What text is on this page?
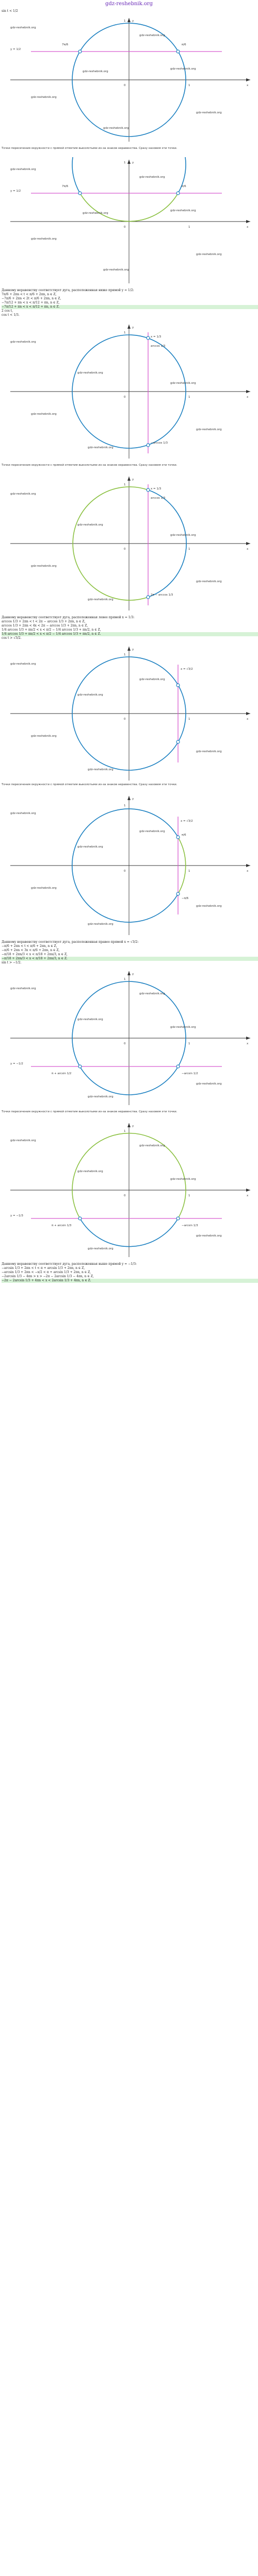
gdz-reshebnik.org
sin t < 1/2
0	1
1
x
y
7π/6	π/6
y = 1/2
gdz-reshebnik.org
gdz-reshebnik.org
gdz-reshebnik.org
gdz-reshebnik.org
gdz-reshebnik.org
gdz-reshebnik.org
gdz-reshebnik.org
Точки пересечения окружности с прямой отметим выколотыми из-за знаков неравенства. Сразу назовем эти точки.
0	1
1
x
y
7π/6	π/6
y = 1/2
gdz-reshebnik.org
gdz-reshebnik.org
gdz-reshebnik.org
gdz-reshebnik.org
gdz-reshebnik.org
gdz-reshebnik.org
gdz-reshebnik.org
Данному неравенству соответствует дуга, расположенная ниже прямой y = 1/2:
7π/6 + 2πn < t < π/6 + 2πn, n ∈ Z,
−7π/6 + 2πn < 2t < π/6 + 2πn, n ∈ Z,
−7π/12 + πn < x < π/12 + πn, n ∈ Z,
−7π/12 + πn < x < π/12 + πn, n ∈ Z.
2 cos t,
cos t < 1/3.
0	1
1
x
y
x = 1/3
arccos 1/3
−arccos 1/3
gdz-reshebnik.org
gdz-reshebnik.org
gdz-reshebnik.org
gdz-reshebnik.org
gdz-reshebnik.org
gdz-reshebnik.org
Точки пересечения окружности с прямой отметим выколотыми из-за знаков неравенства. Сразу назовем эти точки.
0	1
1
x
y
x = 1/3
arccos 1/3
2π − arccos 1/3
gdz-reshebnik.org
gdz-reshebnik.org
gdz-reshebnik.org
gdz-reshebnik.org
gdz-reshebnik.org
gdz-reshebnik.org
Данному неравенству соответствует дуга, расположенная левее прямой x = 1/3:
arccos 1/3 + 2πn < t < 2π − arccos 1/3 + 2πn, n ∈ Z,
arccos 1/3 + 2πn < 4x < 2π − arccos 1/3 + 2πn, n ∈ Z,
1/4 arccos 1/3 + πn/2 < x < π/2 − 1/4 arccos 1/3 + πn/2, n ∈ Z,
1/4 arccos 1/3 + πn/2 < x < π/2 − 1/4 arccos 1/3 + πn/2, n ∈ Z.
cos t > √3/2.
0	1
1
x
y
x = √3/2
gdz-reshebnik.org
gdz-reshebnik.org
gdz-reshebnik.org
gdz-reshebnik.org
gdz-reshebnik.org
gdz-reshebnik.org
Точки пересечения окружности с прямой отметим выколотыми из-за знаков неравенства. Сразу назовем эти точки.
0	1
1
x
y
x = √3/2
π/6
−π/6
gdz-reshebnik.org
gdz-reshebnik.org
gdz-reshebnik.org
gdz-reshebnik.org
gdz-reshebnik.org
gdz-reshebnik.org
Данному неравенству соответствует дуга, расположенная правее прямой x = √3/2:
−π/6 + 2πn < t < π/6 + 2πn, n ∈ Z,
−π/6 + 2πn < 3x < π/6 + 2πn, n ∈ Z,
−π/18 + 2πn/3 < x < π/18 + 2πn/3, n ∈ Z,
−π/18 + 2πn/3 < x < π/18 + 2πn/3, n ∈ Z.
sin t > −1/2.
0	1
1
x
y
y = −1/2
π + arcsin 1/2	−arcsin 1/2
gdz-reshebnik.org
gdz-reshebnik.org
gdz-reshebnik.org
gdz-reshebnik.org
gdz-reshebnik.org
gdz-reshebnik.org
Точки пересечения окружности с прямой отметим выколотыми из-за знаков неравенства. Сразу назовем эти точки.
0	1
1
x
y
y = −1/3
π + arcsin 1/3	−arcsin 1/3
gdz-reshebnik.org
gdz-reshebnik.org
gdz-reshebnik.org
gdz-reshebnik.org
gdz-reshebnik.org
gdz-reshebnik.org
Данному неравенству соответствует дуга, расположенная выше прямой y = −1/3:
−arcsin 1/3 + 2πn < t < π + arcsin 1/3 + 2πn, n ∈ Z,
−arcsin 1/3 + 2πn < −x/2 < π + arcsin 1/3 + 2πn, n ∈ Z,
−2arcsin 1/3 − 4πn > x > −2π − 2arcsin 1/3 − 4πn, n ∈ Z,
−2π − 2arcsin 1/3 + 4πn < x < 2arcsin 1/3 + 4πn, n ∈ Z.
